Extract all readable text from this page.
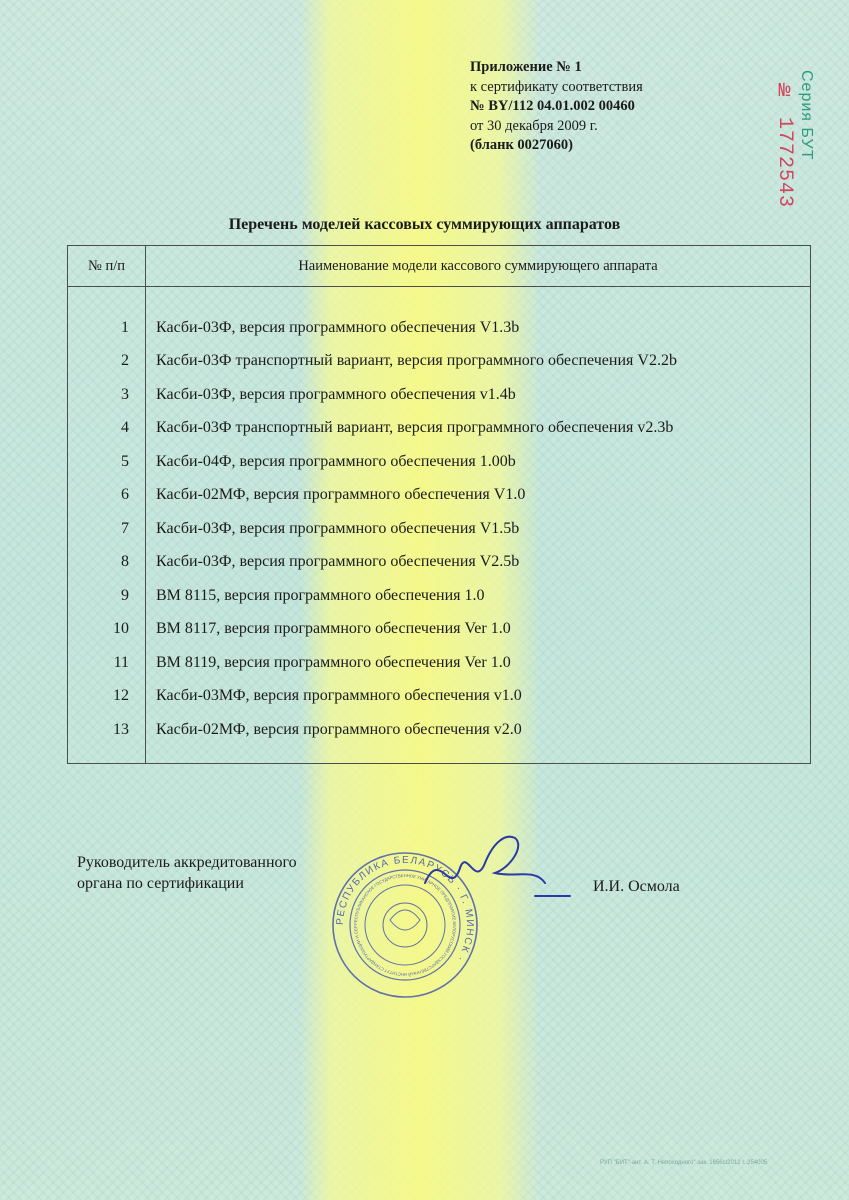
Приложение № 1
к сертификату соответствия
№ BY/112 04.01.002 00460
от 30 декабря 2009 г.
(бланк 0027060)	Серия БУТ
№ 1772543
Перечень моделей кассовых суммирующих аппаратов
№ п/п	Наименование модели кассового суммирующего аппарата

1	Касби-03Ф, версия программного обеспечения V1.3b
2	Касби-03Ф транспортный вариант, версия программного обеспечения V2.2b
3	Касби-03Ф, версия программного обеспечения v1.4b
4	Касби-03Ф транспортный вариант, версия программного обеспечения v2.3b
5	Касби-04Ф, версия программного обеспечения 1.00b
6	Касби-02МФ, версия программного обеспечения V1.0
7	Касби-03Ф, версия программного обеспечения V1.5b
8	Касби-03Ф, версия программного обеспечения V2.5b
9	ВМ 8115, версия программного обеспечения 1.0
10	ВМ 8117, версия программного обеспечения Ver 1.0
11	ВМ 8119, версия программного обеспечения Ver 1.0
12	Касби-03МФ, версия программного обеспечения v1.0
13	Касби-02МФ, версия программного обеспечения v2.0

Руководитель аккредитованного
органа по сертификации
РЕСПУБЛИКА БЕЛАРУСЬ · Г. МИНСК ·
РЕСПУБЛИКАНСКОЕ ГОСУДАРСТВЕННОЕ УНИТАРНОЕ ПРЕДПРИЯТИЕ БЕЛОРУССКИЙ ГОСУДАРСТВЕННЫЙ ИНСТИТУТ СТАНДАРТИЗАЦИИ И СЕР
И.И. Осмола
РУП "БИТ"-ант. А. Т. Непоходного" зак. 1656с/2012 г. 254005
